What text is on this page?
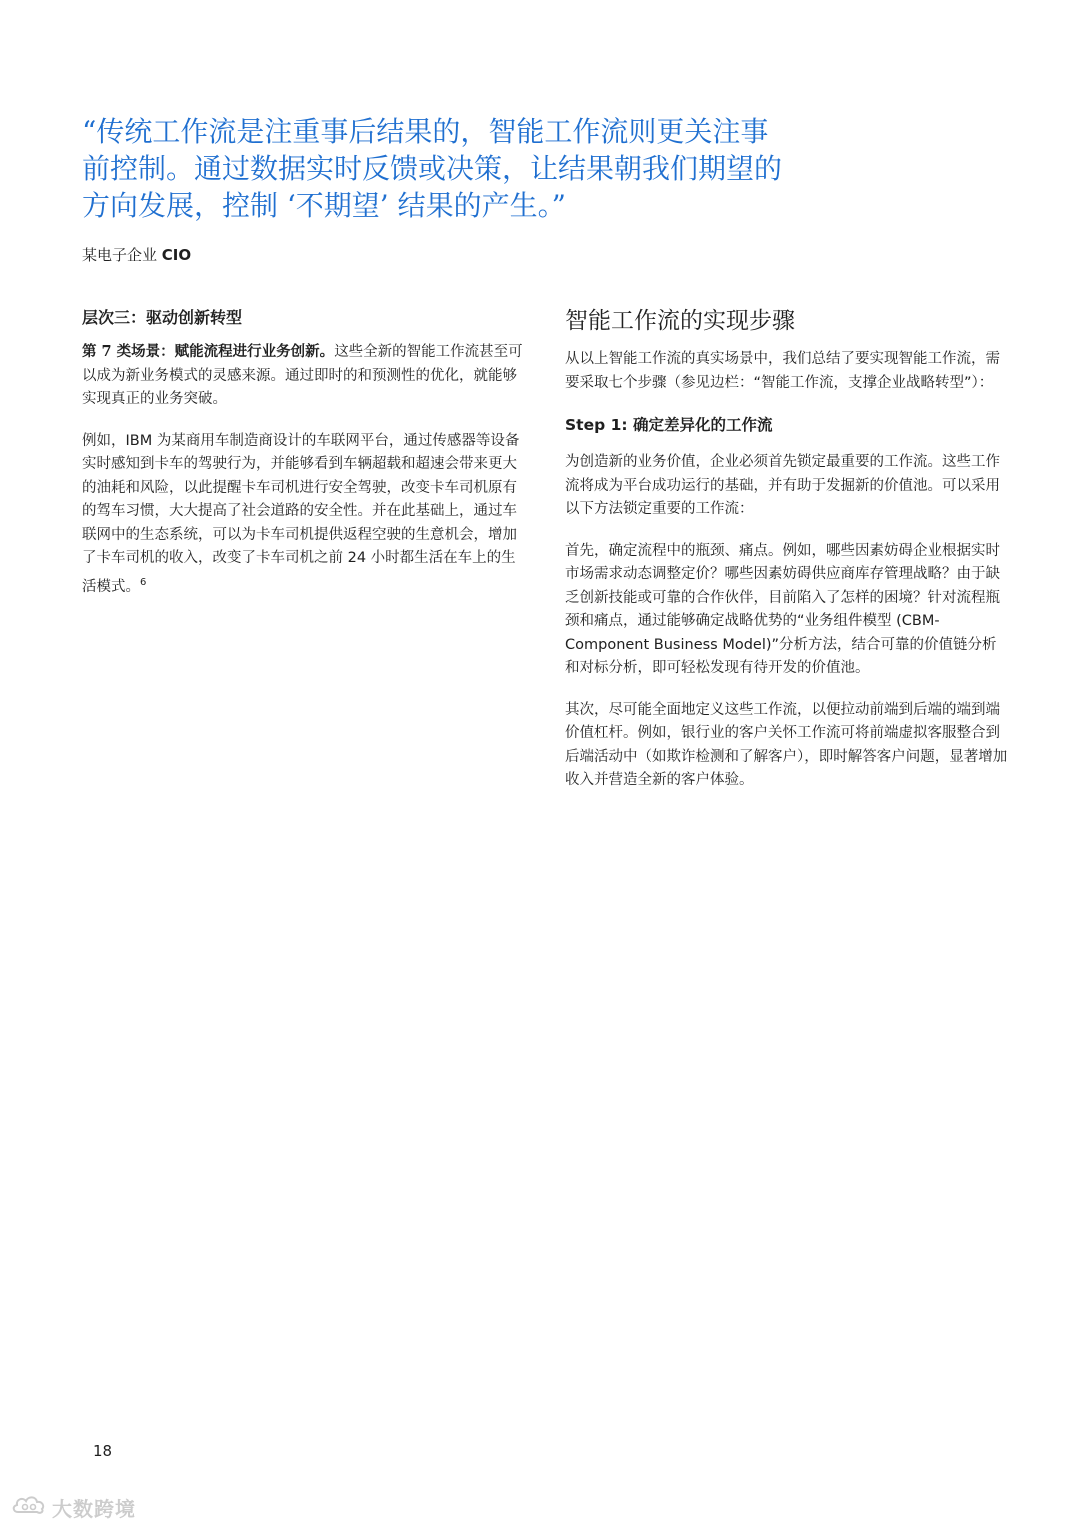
“传统工作流是注重事后结果的，智能工作流则更关注事
前控制。通过数据实时反馈或决策，让结果朝我们期望的
方向发展，控制 ‘不期望’ 结果的产生。”

某电子企业 CIO

层次三：驱动创新转型

第 7 类场景：赋能流程进行业务创新。这些全新的智能工作流甚至可以成为新业务模式的灵感来源。通过即时的和预测性的优化，就能够实现真正的业务突破。

例如，IBM 为某商用车制造商设计的车联网平台，通过传感器等设备实时感知到卡车的驾驶行为，并能够看到车辆超载和超速会带来更大的油耗和风险，以此提醒卡车司机进行安全驾驶，改变卡车司机原有的驾车习惯，大大提高了社会道路的安全性。并在此基础上，通过车联网中的生态系统，可以为卡车司机提供返程空驶的生意机会，增加了卡车司机的收入，改变了卡车司机之前 24 小时都生活在车上的生活模式。$^6$

智能工作流的实现步骤

从以上智能工作流的真实场景中，我们总结了要实现智能工作流，需要采取七个步骤（参见边栏：“智能工作流，支撑企业战略转型”）：

Step 1: 确定差异化的工作流

为创造新的业务价值，企业必须首先锁定最重要的工作流。这些工作流将成为平台成功运行的基础，并有助于发掘新的价值池。可以采用以下方法锁定重要的工作流：

首先，确定流程中的瓶颈、痛点。例如，哪些因素妨碍企业根据实时市场需求动态调整定价？哪些因素妨碍供应商库存管理战略？由于缺乏创新技能或可靠的合作伙伴，目前陷入了怎样的困境？针对流程瓶颈和痛点，通过能够确定战略优势的“业务组件模型 (CBM-Component Business Model)”分析方法，结合可靠的价值链分析和对标分析，即可轻松发现有待开发的价值池。

其次，尽可能全面地定义这些工作流，以便拉动前端到后端的端到端价值杠杆。例如，银行业的客户关怀工作流可将前端虚拟客服整合到后端活动中（如欺诈检测和了解客户），即时解答客户问题，显著增加收入并营造全新的客户体验。

18

大数跨境
